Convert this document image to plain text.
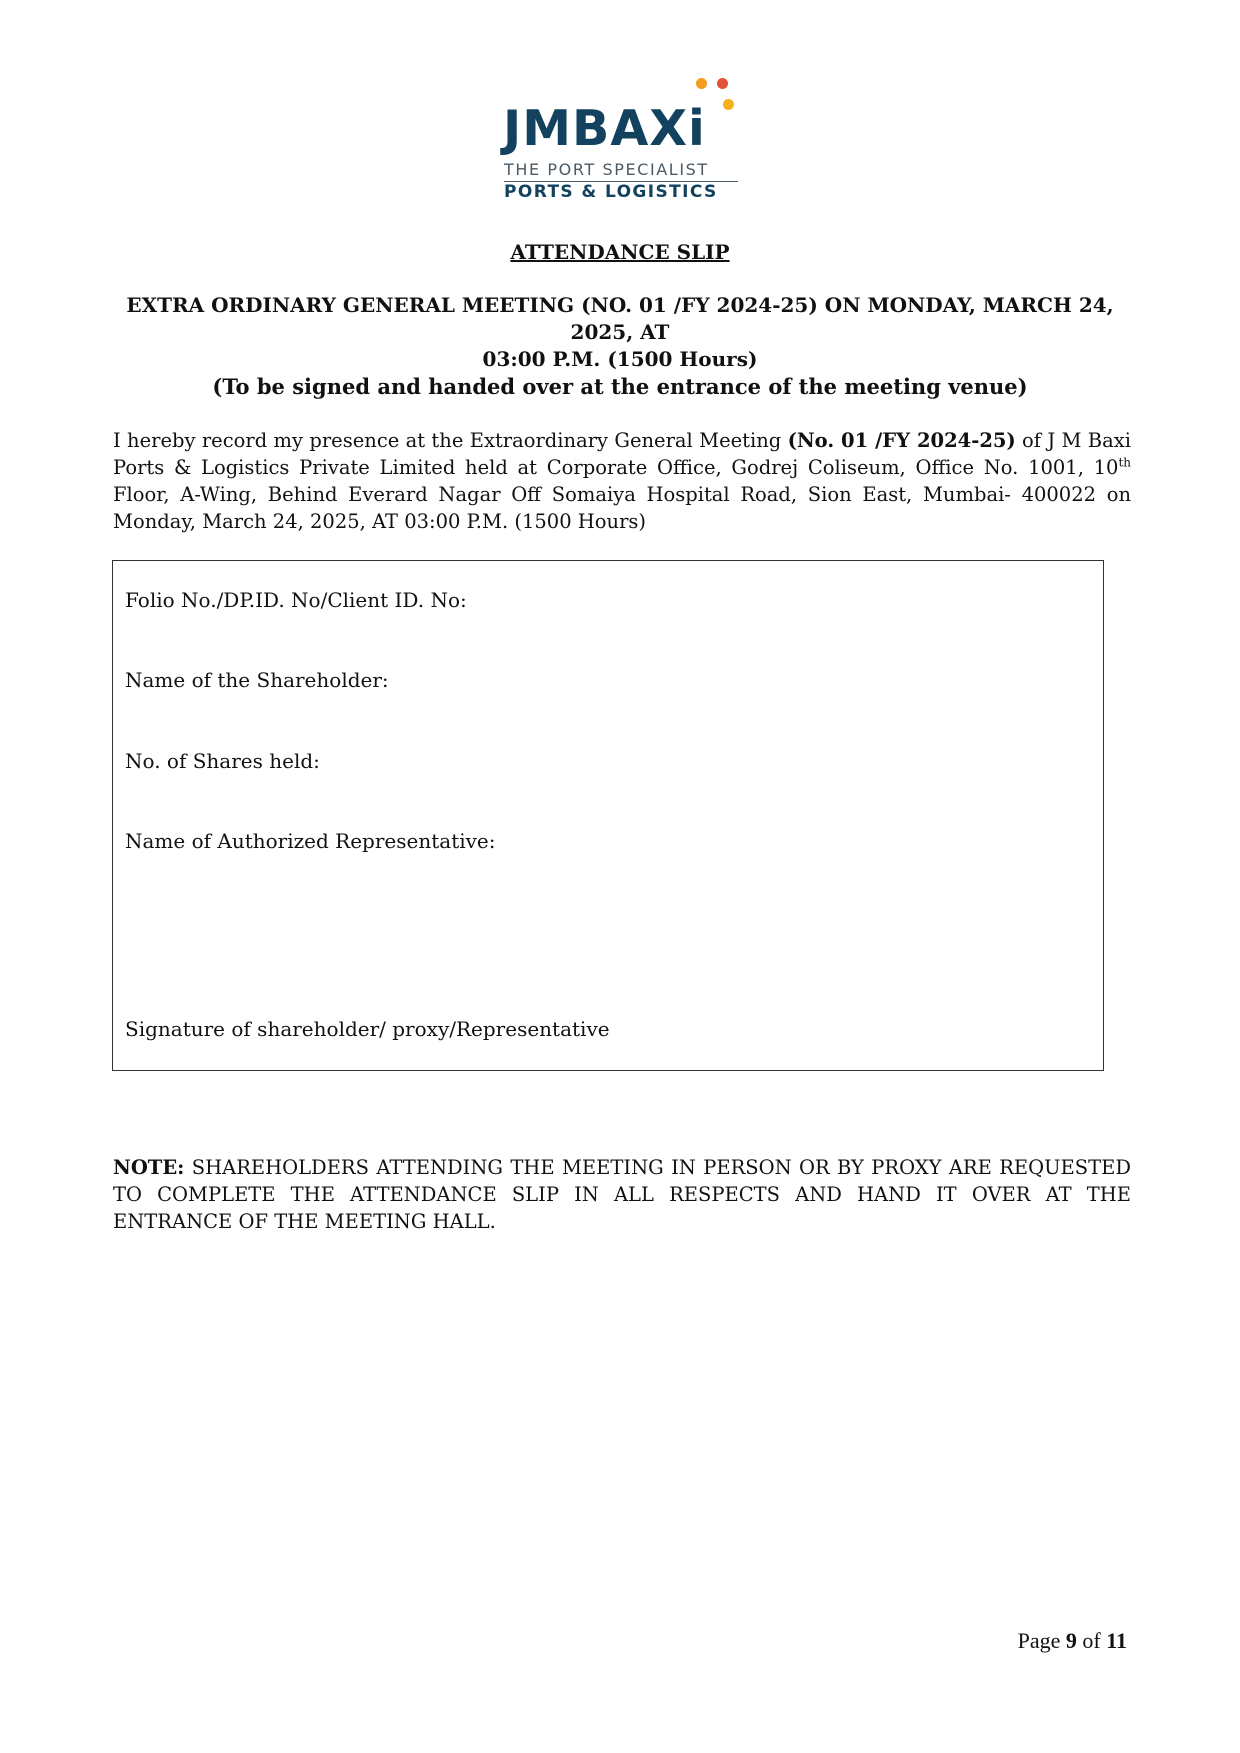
JMBAXi
THE PORT SPECIALIST
PORTS & LOGISTICS
ATTENDANCE SLIP
EXTRA ORDINARY GENERAL MEETING (NO. 01 /FY 2024-25) ON MONDAY, MARCH 24, 2025, AT
03:00 P.M. (1500 Hours)
(To be signed and handed over at the entrance of the meeting venue)
I hereby record my presence at the Extraordinary General Meeting (No. 01 /FY 2024-25) of J M Baxi Ports & Logistics Private Limited held at Corporate Office, Godrej Coliseum, Office No. 1001, 10th Floor, A-Wing, Behind Everard Nagar Off Somaiya Hospital Road, Sion East, Mumbai- 400022 on Monday, March 24, 2025, AT 03:00 P.M. (1500 Hours)
Folio No./DP.ID. No/Client ID. No:
Name of the Shareholder:
No. of Shares held:
Name of Authorized Representative:
Signature of shareholder/ proxy/Representative
NOTE: SHAREHOLDERS ATTENDING THE MEETING IN PERSON OR BY PROXY ARE REQUESTED TO COMPLETE THE ATTENDANCE SLIP IN ALL RESPECTS AND HAND IT OVER AT THE ENTRANCE OF THE MEETING HALL.
Page 9 of 11
